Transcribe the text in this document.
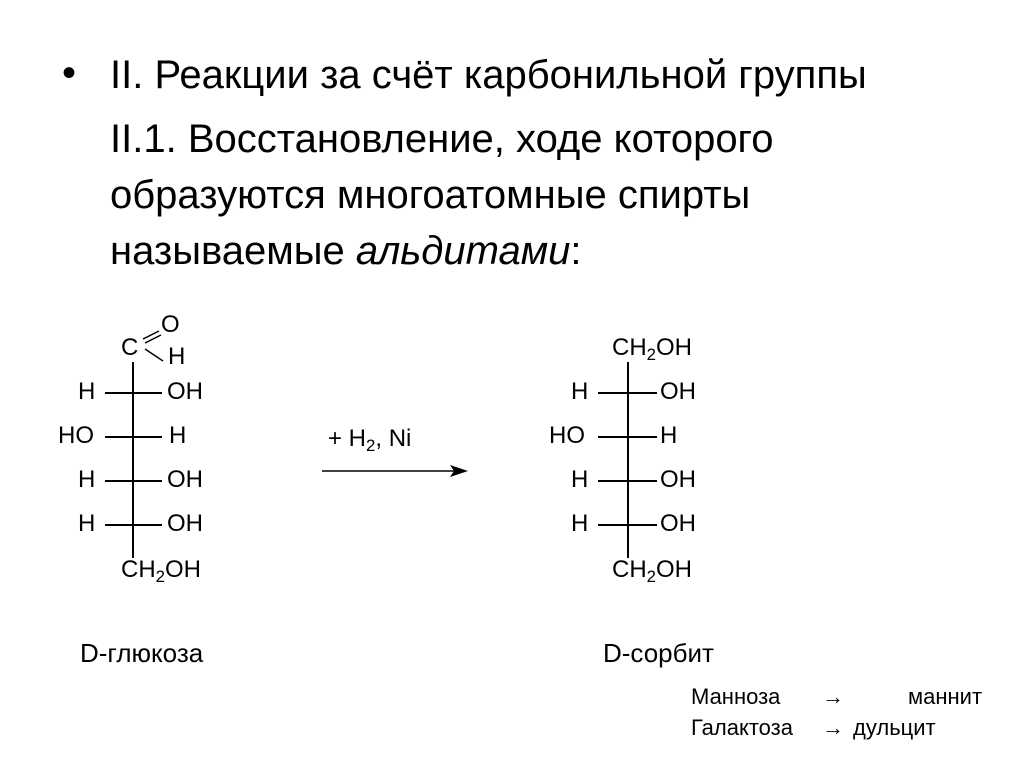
• II. Реакции за счёт карбонильной группы
II.1. Восстановление, ходе которого
образуются многоатомные спирты
называемые альдитами:
C
O
H
H	OH
HO	H
H	OH
H	OH
$CH_2OH$
D-глюкоза
+ $H_2$, Ni
$CH_2OH$
H	OH
HO	H
H	OH
H	OH
$CH_2OH$
D-сорбит
Манноза →	маннит
Галактоза → дульцит
